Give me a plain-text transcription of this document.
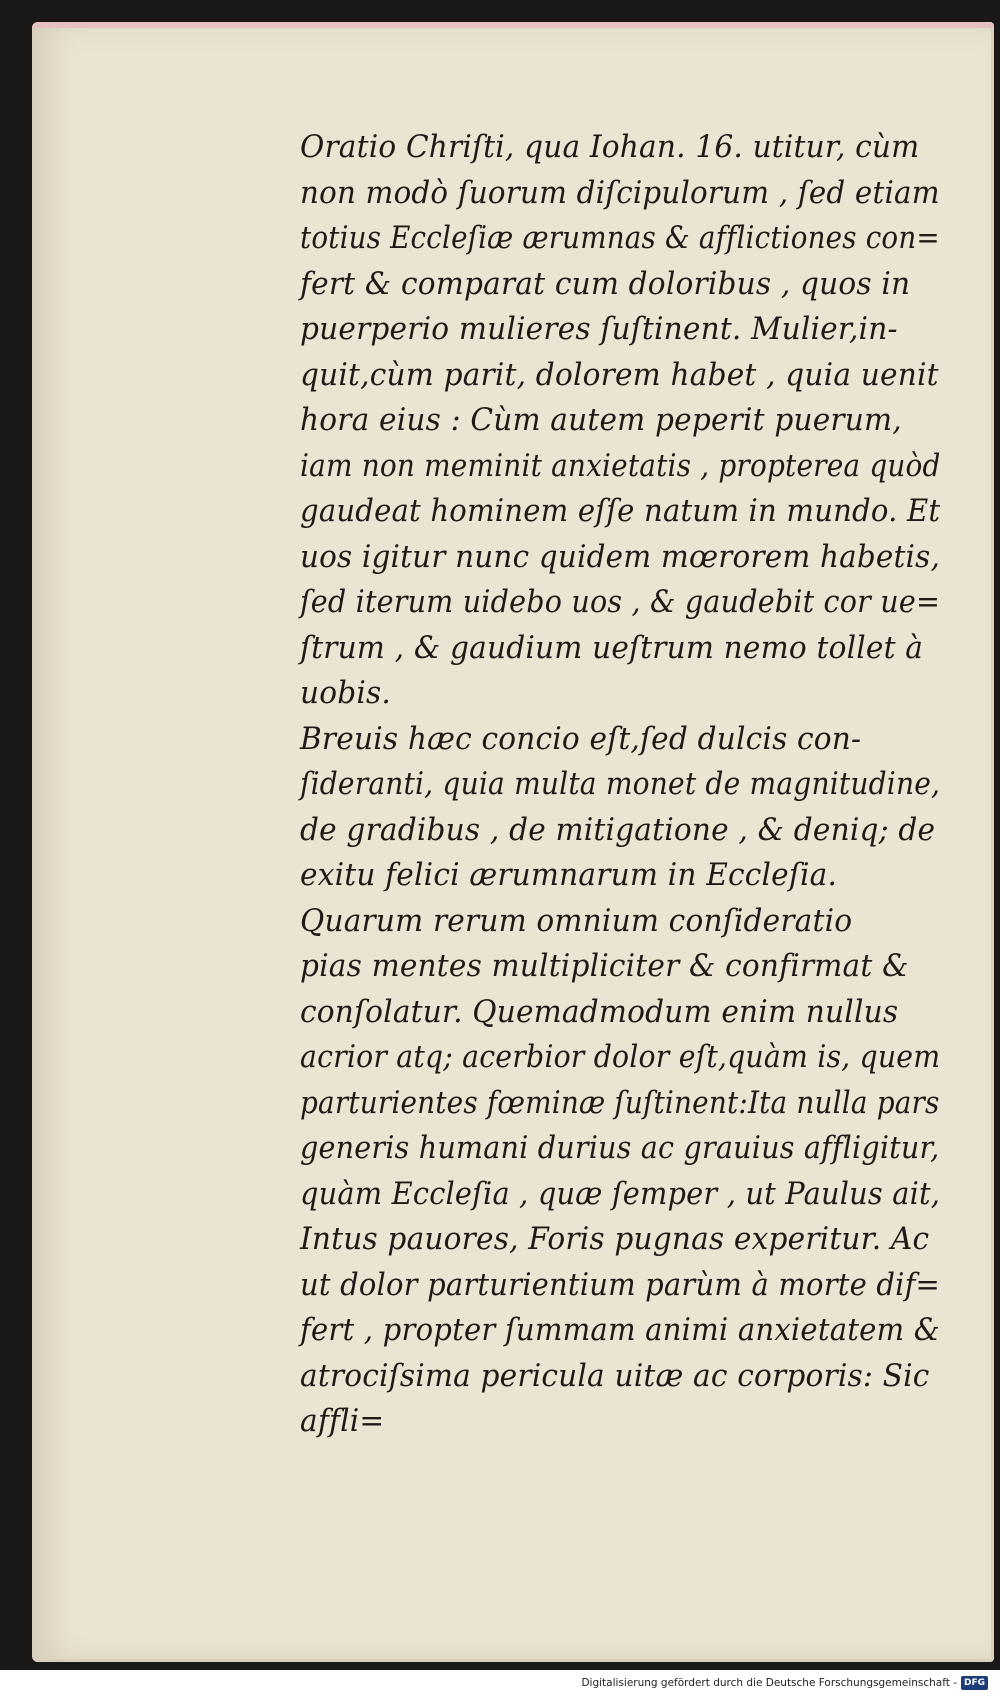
Oratio Chriſti, qua Iohan. 16. utitur, cùm
non modò ſuorum diſcipulorum , ſed etiam
totius Eccleſiæ ærumnas & afflictiones con=
fert & comparat cum doloribus , quos in
puerperio mulieres ſuſtinent. Mulier,in-
quit,cùm parit, dolorem habet , quia uenit
hora eius : Cùm autem peperit puerum,
iam non meminit anxietatis , propterea quòd
gaudeat hominem eſſe natum in mundo. Et
uos igitur nunc quidem mœrorem habetis,
ſed iterum uidebo uos , & gaudebit cor ue=
ſtrum , & gaudium ueſtrum nemo tollet à
uobis.
Breuis hæc concio eſt,ſed dulcis con-
ſideranti, quia multa monet de magnitudine,
de gradibus , de mitigatione , & deniq; de
exitu felici ærumnarum in Eccleſia.
Quarum rerum omnium conſideratio
pias mentes multipliciter & confirmat &
conſolatur. Quemadmodum enim nullus
acrior atq; acerbior dolor eſt,quàm is, quem
parturientes fœminæ ſuſtinent:Ita nulla pars
generis humani durius ac grauius affligitur,
quàm Eccleſia , quæ ſemper , ut Paulus ait,
Intus pauores, Foris pugnas experitur. Ac
ut dolor parturientium parùm à morte dif=
fert , propter ſummam animi anxietatem &
atrociſsima pericula uitæ ac corporis: Sic
affli=
Digitalisierung gefördert durch die Deutsche Forschungsgemeinschaft - DFG
